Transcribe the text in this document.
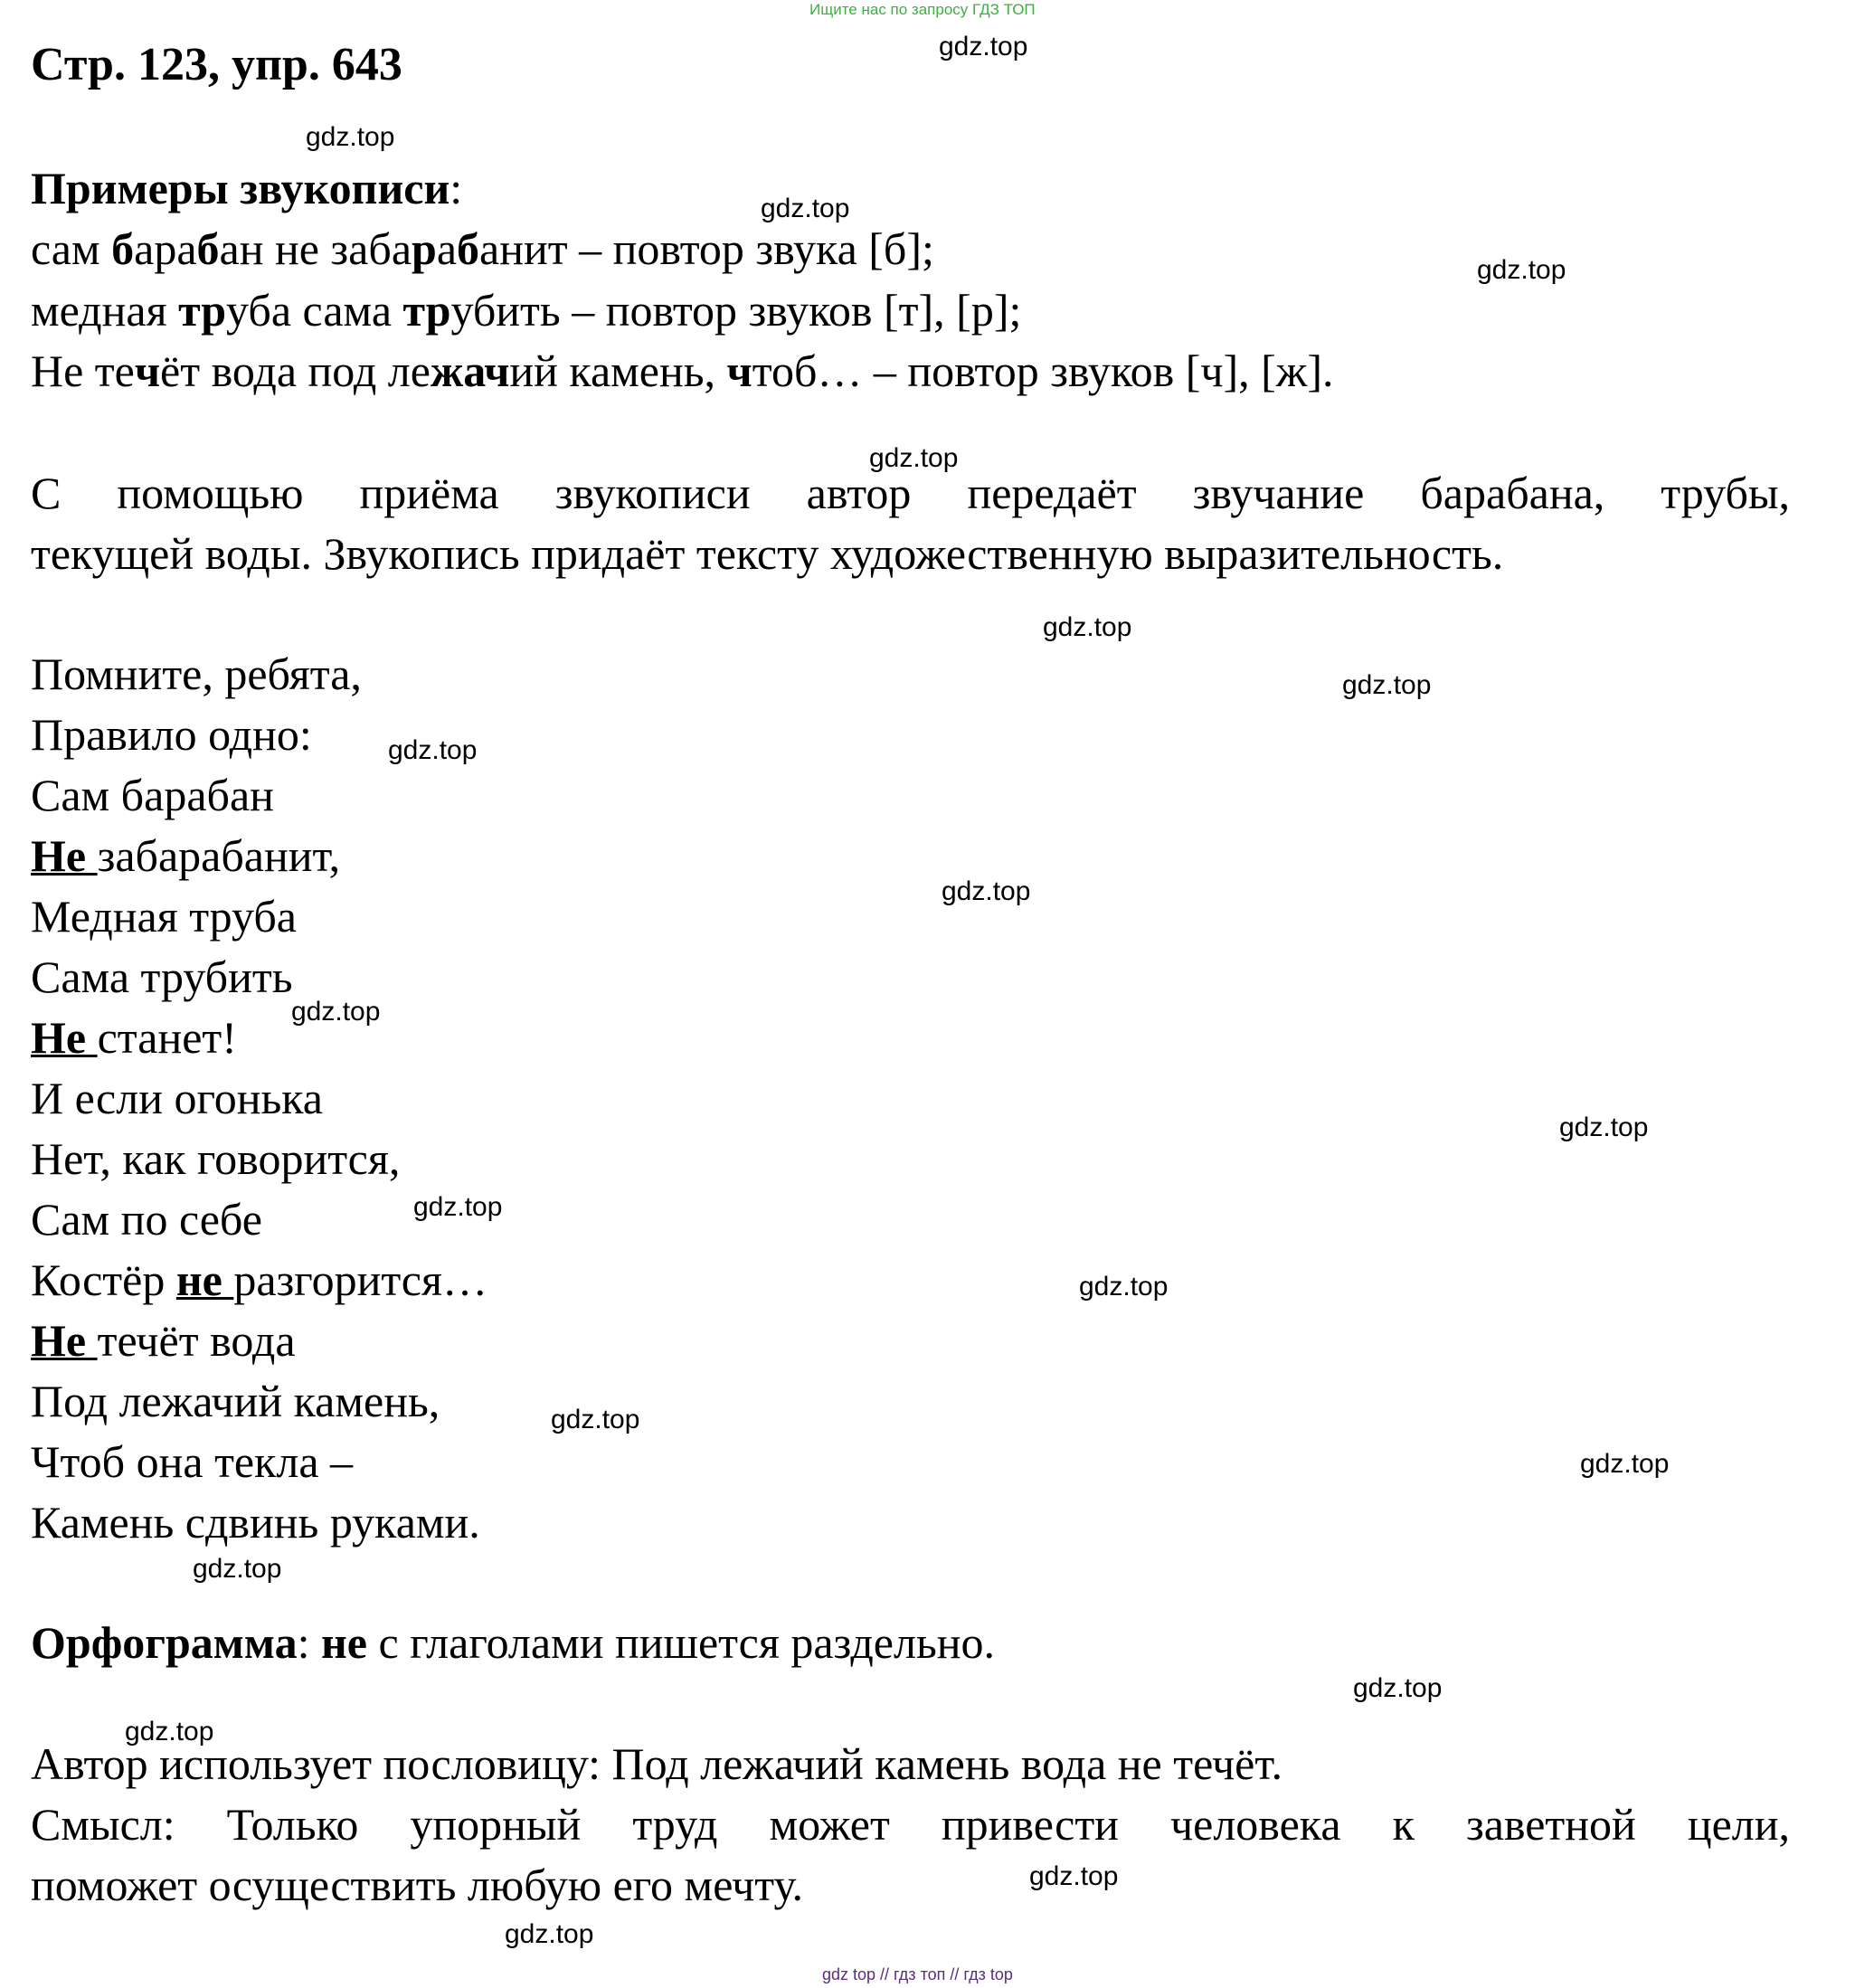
Ищите нас по запросу ГДЗ ТОП
Стр. 123, упр. 643
Примеры звукописи:
сам барабан не забарабанит – повтор звука [б];
медная труба сама трубить – повтор звуков [т], [р];
Не течёт вода под лежачий камень, чтоб… – повтор звуков [ч], [ж].
С помощью приёма звукописи автор передаёт звучание барабана, трубы,
текущей воды. Звукопись придаёт тексту художественную выразительность.
Помните, ребята,
Правило одно:
Сам барабан
Не забарабанит,
Медная труба
Сама трубить
Не станет!
И если огонька
Нет, как говорится,
Сам по себе
Костёр не разгорится…
Не течёт вода
Под лежачий камень,
Чтоб она текла –
Камень сдвинь руками.
Орфограмма: не с глаголами пишется раздельно.
Автор использует пословицу: Под лежачий камень вода не течёт.
Смысл: Только упорный труд может привести человека к заветной цели,
поможет осуществить любую его мечту.
gdz.top
gdz.top
gdz.top
gdz.top
gdz.top
gdz.top
gdz.top
gdz.top
gdz.top
gdz.top
gdz.top
gdz.top
gdz.top
gdz.top
gdz.top
gdz.top
gdz.top
gdz.top
gdz.top
gdz.top
gdz top // гдз топ // гдз top
